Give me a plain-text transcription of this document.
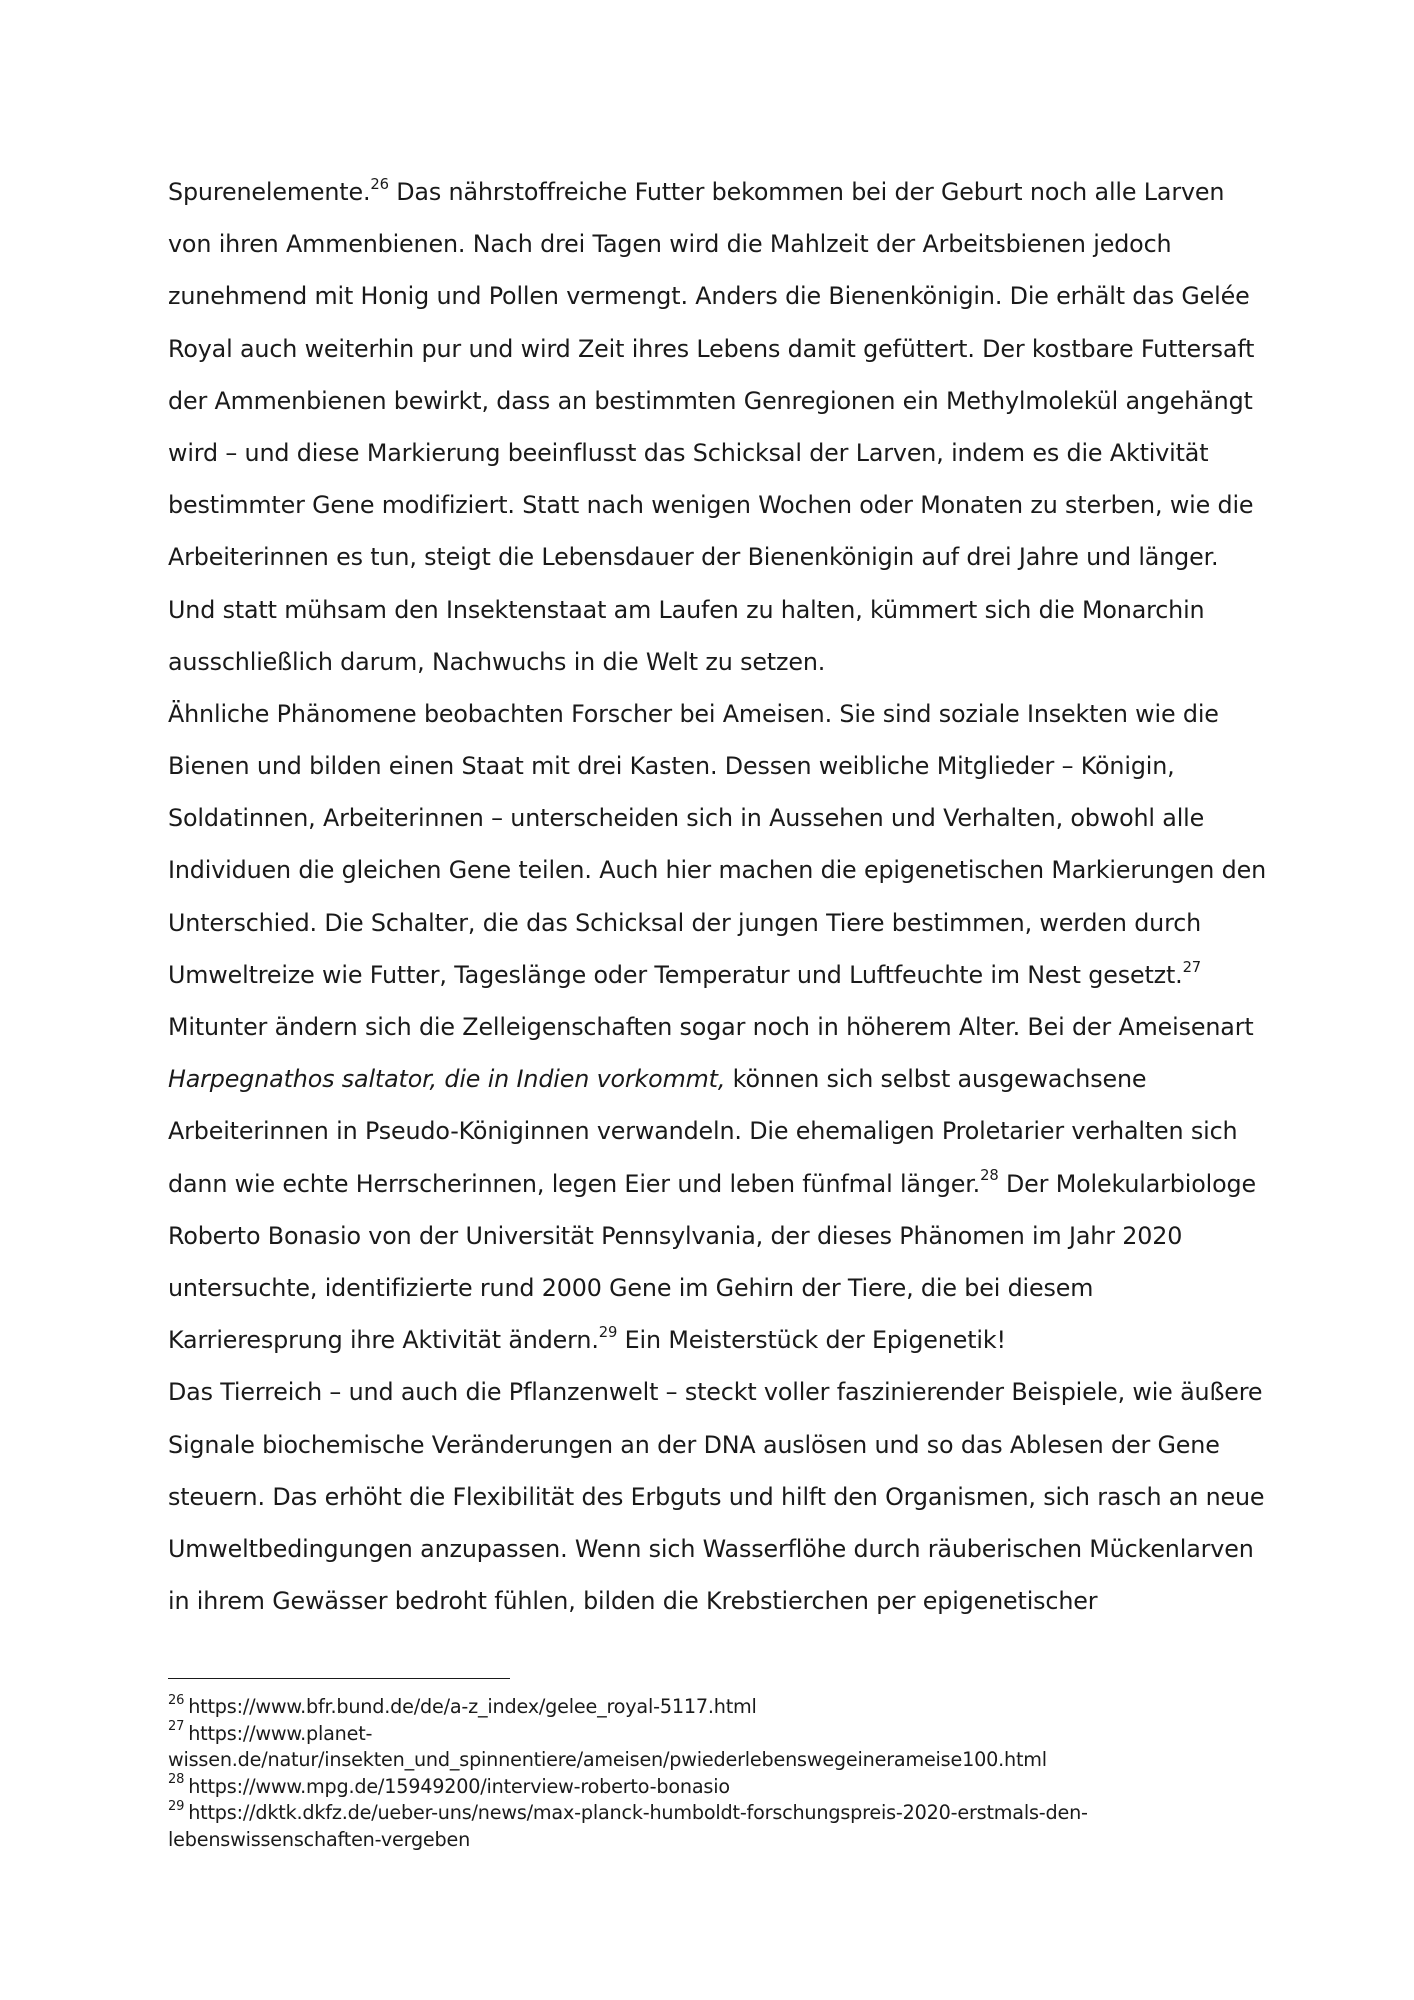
Spurenelemente.$^{26}$ Das nährstoffreiche Futter bekommen bei der Geburt noch alle Larven
von ihren Ammenbienen. Nach drei Tagen wird die Mahlzeit der Arbeitsbienen jedoch
zunehmend mit Honig und Pollen vermengt. Anders die Bienenkönigin. Die erhält das Gelée
Royal auch weiterhin pur und wird Zeit ihres Lebens damit gefüttert. Der kostbare Futtersaft
der Ammenbienen bewirkt, dass an bestimmten Genregionen ein Methylmolekül angehängt
wird – und diese Markierung beeinflusst das Schicksal der Larven, indem es die Aktivität
bestimmter Gene modifiziert. Statt nach wenigen Wochen oder Monaten zu sterben, wie die
Arbeiterinnen es tun, steigt die Lebensdauer der Bienenkönigin auf drei Jahre und länger.
Und statt mühsam den Insektenstaat am Laufen zu halten, kümmert sich die Monarchin
ausschließlich darum, Nachwuchs in die Welt zu setzen.
Ähnliche Phänomene beobachten Forscher bei Ameisen. Sie sind soziale Insekten wie die
Bienen und bilden einen Staat mit drei Kasten. Dessen weibliche Mitglieder – Königin,
Soldatinnen, Arbeiterinnen – unterscheiden sich in Aussehen und Verhalten, obwohl alle
Individuen die gleichen Gene teilen. Auch hier machen die epigenetischen Markierungen den
Unterschied. Die Schalter, die das Schicksal der jungen Tiere bestimmen, werden durch
Umweltreize wie Futter, Tageslänge oder Temperatur und Luftfeuchte im Nest gesetzt.$^{27}$
Mitunter ändern sich die Zelleigenschaften sogar noch in höherem Alter. Bei der Ameisenart
Harpegnathos saltator, die in Indien vorkommt, können sich selbst ausgewachsene
Arbeiterinnen in Pseudo-Königinnen verwandeln. Die ehemaligen Proletarier verhalten sich
dann wie echte Herrscherinnen, legen Eier und leben fünfmal länger.$^{28}$ Der Molekularbiologe
Roberto Bonasio von der Universität Pennsylvania, der dieses Phänomen im Jahr 2020
untersuchte, identifizierte rund 2000 Gene im Gehirn der Tiere, die bei diesem
Karrieresprung ihre Aktivität ändern.$^{29}$ Ein Meisterstück der Epigenetik!
Das Tierreich – und auch die Pflanzenwelt – steckt voller faszinierender Beispiele, wie äußere
Signale biochemische Veränderungen an der DNA auslösen und so das Ablesen der Gene
steuern. Das erhöht die Flexibilität des Erbguts und hilft den Organismen, sich rasch an neue
Umweltbedingungen anzupassen. Wenn sich Wasserflöhe durch räuberischen Mückenlarven
in ihrem Gewässer bedroht fühlen, bilden die Krebstierchen per epigenetischer
$^{26}$ https://www.bfr.bund.de/de/a-z_index/gelee_royal-5117.html
$^{27}$ https://www.planet-
wissen.de/natur/insekten_und_spinnentiere/ameisen/pwiederlebenswegeinerameise100.html
$^{28}$ https://www.mpg.de/15949200/interview-roberto-bonasio
$^{29}$ https://dktk.dkfz.de/ueber-uns/news/max-planck-humboldt-forschungspreis-2020-erstmals-den-
lebenswissenschaften-vergeben
